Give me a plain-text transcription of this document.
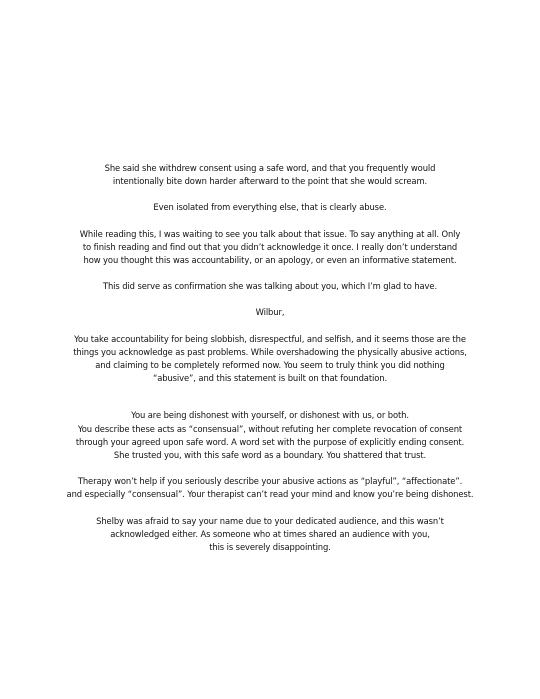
She said she withdrew consent using a safe word, and that you frequently would
intentionally bite down harder afterward to the point that she would scream.

Even isolated from everything else, that is clearly abuse.

While reading this, I was waiting to see you talk about that issue. To say anything at all. Only
to finish reading and find out that you didn’t acknowledge it once. I really don’t understand
how you thought this was accountability, or an apology, or even an informative statement.

This did serve as confirmation she was talking about you, which I’m glad to have.

Wilbur,

You take accountability for being slobbish, disrespectful, and selfish, and it seems those are the
things you acknowledge as past problems. While overshadowing the physically abusive actions,
and claiming to be completely reformed now. You seem to truly think you did nothing
“abusive”, and this statement is built on that foundation.

You are being dishonest with yourself, or dishonest with us, or both.
You describe these acts as “consensual”, without refuting her complete revocation of consent
through your agreed upon safe word. A word set with the purpose of explicitly ending consent.
She trusted you, with this safe word as a boundary. You shattered that trust.

Therapy won’t help if you seriously describe your abusive actions as “playful”, “affectionate”.
and especially “consensual”. Your therapist can’t read your mind and know you’re being dishonest.

Shelby was afraid to say your name due to your dedicated audience, and this wasn’t
acknowledged either. As someone who at times shared an audience with you,
this is severely disappointing.
